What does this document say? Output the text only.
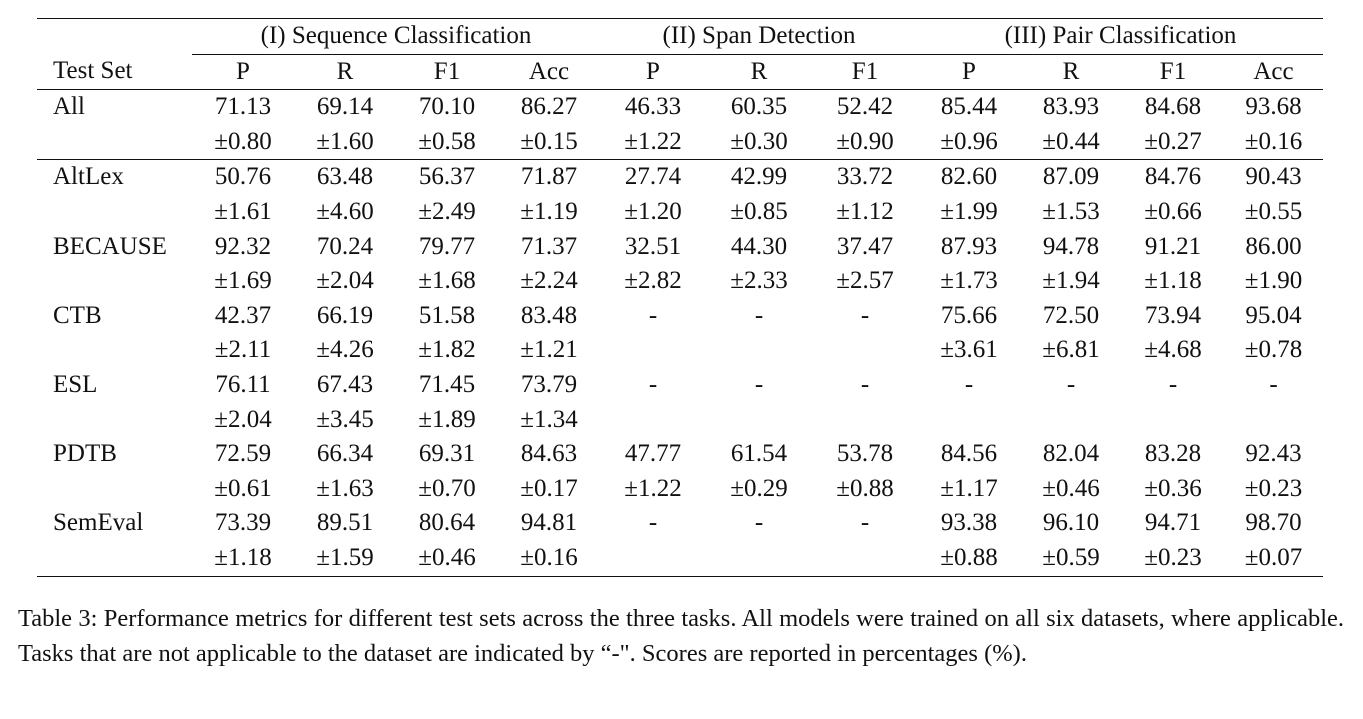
	(I) Sequence Classification				(II) Span Detection			(III) Pair Classification			
Test Set	P	R	F1	Acc	P	R	F1	P	R	F1	Acc
All	71.13	69.14	70.10	86.27	46.33	60.35	52.42	85.44	83.93	84.68	93.68
	±0.80	±1.60	±0.58	±0.15	±1.22	±0.30	±0.90	±0.96	±0.44	±0.27	±0.16
AltLex	50.76	63.48	56.37	71.87	27.74	42.99	33.72	82.60	87.09	84.76	90.43
	±1.61	±4.60	±2.49	±1.19	±1.20	±0.85	±1.12	±1.99	±1.53	±0.66	±0.55
BECAUSE	92.32	70.24	79.77	71.37	32.51	44.30	37.47	87.93	94.78	91.21	86.00
	±1.69	±2.04	±1.68	±2.24	±2.82	±2.33	±2.57	±1.73	±1.94	±1.18	±1.90
CTB	42.37	66.19	51.58	83.48	-	-	-	75.66	72.50	73.94	95.04
	±2.11	±4.26	±1.82	±1.21				±3.61	±6.81	±4.68	±0.78
ESL	76.11	67.43	71.45	73.79	-	-	-	-	-	-	-
	±2.04	±3.45	±1.89	±1.34							
PDTB	72.59	66.34	69.31	84.63	47.77	61.54	53.78	84.56	82.04	83.28	92.43
	±0.61	±1.63	±0.70	±0.17	±1.22	±0.29	±0.88	±1.17	±0.46	±0.36	±0.23
SemEval	73.39	89.51	80.64	94.81	-	-	-	93.38	96.10	94.71	98.70
	±1.18	±1.59	±0.46	±0.16				±0.88	±0.59	±0.23	±0.07
Table 3: Performance metrics for different test sets across the three tasks. All models were trained on all six datasets, where applicable. Tasks that are not applicable to the dataset are indicated by “-". Scores are reported in percentages (%).
